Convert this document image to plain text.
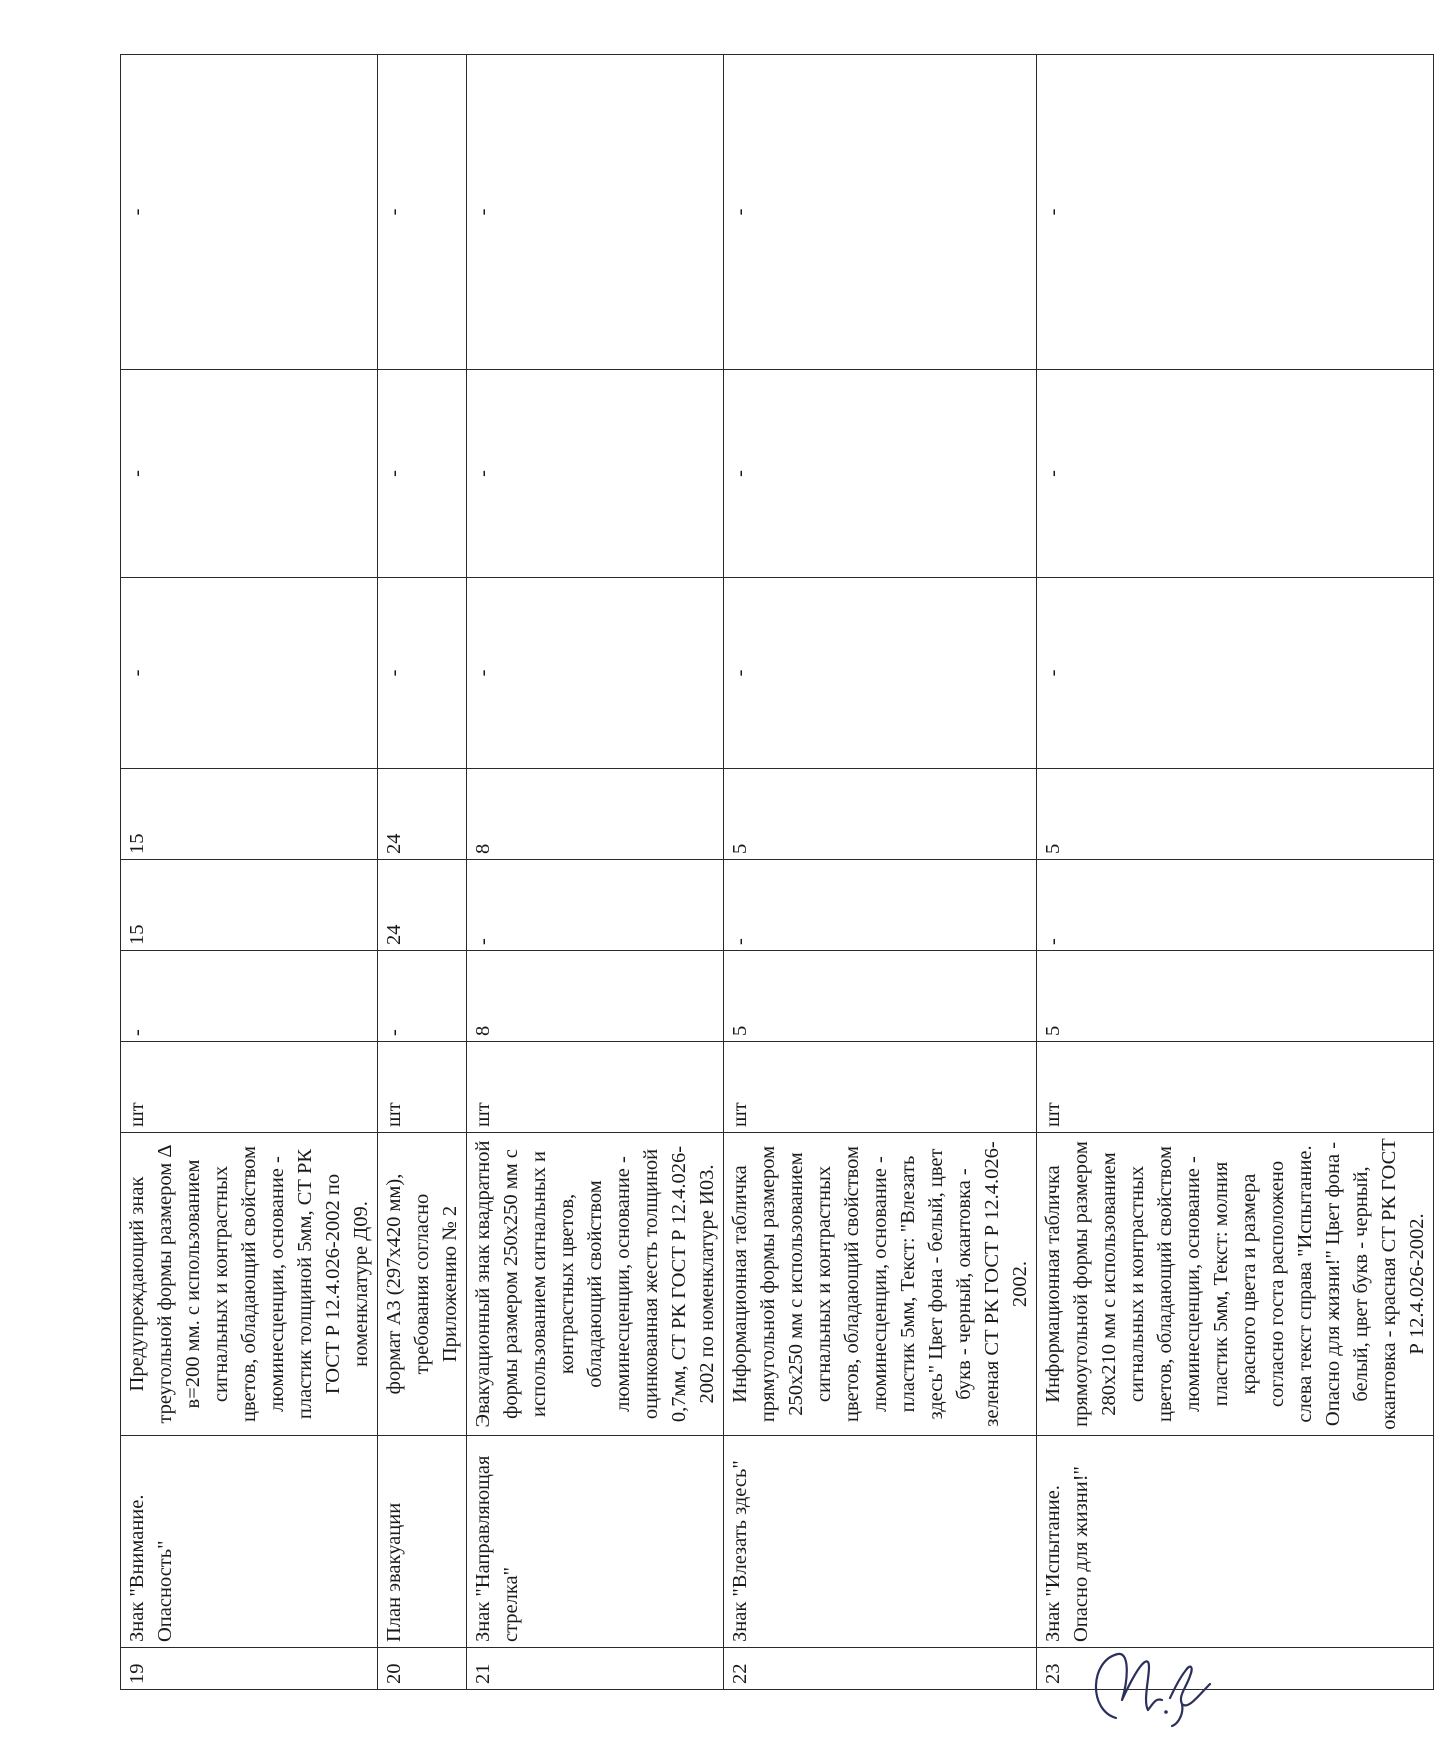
19	Знак "Внимание. Опасность"	Предупреждающий знак треугольной формы размером Δ в=200 мм. с использованием сигнальных и контрастных цветов, обладающий свойством люминесценции, основание - пластик толщиной 5мм, СТ РК ГОСТ Р 12.4.026-2002 по номенклатуре Д09.	шт	-	15	15	-	-	-
20	План эвакуации	формат А3 (297х420 мм), требования согласно Приложению № 2	шт	-	24	24	-	-	-
21	Знак "Направляющая стрелка"	Эвакуационный знак квадратной формы размером 250х250 мм с использованием сигнальных и контрастных цветов, обладающий свойством люминесценции, основание - оцинкованная жесть толщиной 0,7мм, СТ РК ГОСТ Р 12.4.026-2002 по номенклатуре И03.	шт	8	-	8	-	-	-
22	Знак "Влезать здесь"	Информационная табличка прямугольной формы размером 250х250 мм с использованием сигнальных и контрастных цветов, обладающий свойством люминесценции, основание - пластик 5мм, Текст: "Влезать здесь" Цвет фона - белый, цвет букв - черный, окантовка - зеленая СТ РК ГОСТ Р 12.4.026-2002.	шт	5	-	5	-	-	-
23	Знак "Испытание. Опасно для жизни!"	Информационная табличка прямоугольной формы размером 280х210 мм с использованием сигнальных и контрастных цветов, обладающий свойством люминесценции, основание - пластик 5мм, Текст: молния красного цвета и размера согласно госта расположено слева текст справа "Испытание. Опасно для жизни!" Цвет фона - белый, цвет букв - черный, окантовка - красная СТ РК ГОСТ Р 12.4.026-2002.	шт	5	-	5	-	-	-
